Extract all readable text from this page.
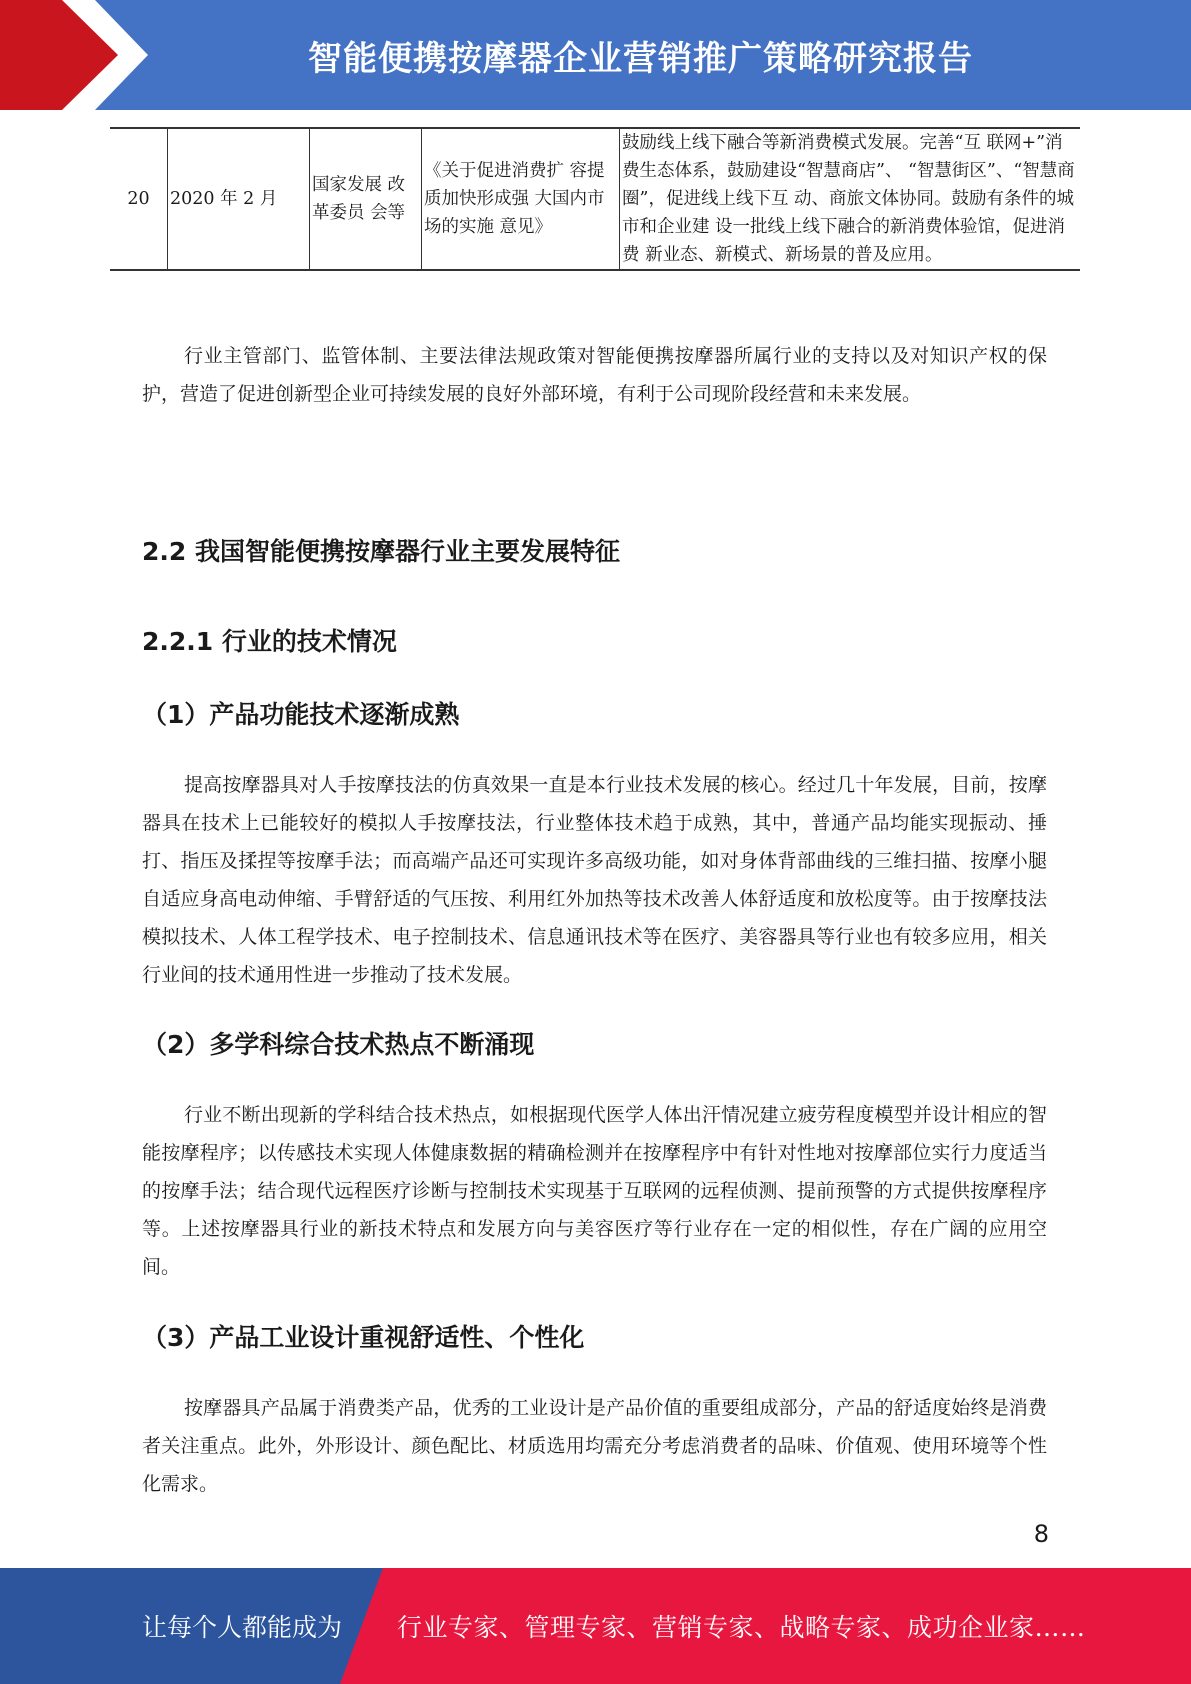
智能便携按摩器企业营销推广策略研究报告
20	2020 年 2 月	国家发展 改革委员 会等	《关于促进消费扩 容提质加快形成强 大国内市场的实施 意见》	鼓励线上线下融合等新消费模式发展。完善“互 联网+”消费生态体系，鼓励建设“智慧商店”、 “智慧街区”、“智慧商圈”，促进线上线下互 动、商旅文体协同。鼓励有条件的城市和企业建 设一批线上线下融合的新消费体验馆，促进消费 新业态、新模式、新场景的普及应用。

行业主管部门、监管体制、主要法律法规政策对智能便携按摩器所属行业的支持以及对知识产权的保护，营造了促进创新型企业可持续发展的良好外部环境，有利于公司现阶段经营和未来发展。

2.2 我国智能便携按摩器行业主要发展特征
2.2.1 行业的技术情况
（1）产品功能技术逐渐成熟

提高按摩器具对人手按摩技法的仿真效果一直是本行业技术发展的核心。经过几十年发展，目前，按摩器具在技术上已能较好的模拟人手按摩技法，行业整体技术趋于成熟，其中，普通产品均能实现振动、捶打、指压及揉捏等按摩手法；而高端产品还可实现许多高级功能，如对身体背部曲线的三维扫描、按摩小腿自适应身高电动伸缩、手臂舒适的气压按、利用红外加热等技术改善人体舒适度和放松度等。由于按摩技法模拟技术、人体工程学技术、电子控制技术、信息通讯技术等在医疗、美容器具等行业也有较多应用，相关行业间的技术通用性进一步推动了技术发展。

（2）多学科综合技术热点不断涌现

行业不断出现新的学科结合技术热点，如根据现代医学人体出汗情况建立疲劳程度模型并设计相应的智能按摩程序；以传感技术实现人体健康数据的精确检测并在按摩程序中有针对性地对按摩部位实行力度适当的按摩手法；结合现代远程医疗诊断与控制技术实现基于互联网的远程侦测、提前预警的方式提供按摩程序等。上述按摩器具行业的新技术特点和发展方向与美容医疗等行业存在一定的相似性，存在广阔的应用空间。

（3）产品工业设计重视舒适性、个性化

按摩器具产品属于消费类产品，优秀的工业设计是产品价值的重要组成部分，产品的舒适度始终是消费者关注重点。此外，外形设计、颜色配比、材质选用均需充分考虑消费者的品味、价值观、使用环境等个性化需求。

8
让每个人都能成为 行业专家、管理专家、营销专家、战略专家、成功企业家……
